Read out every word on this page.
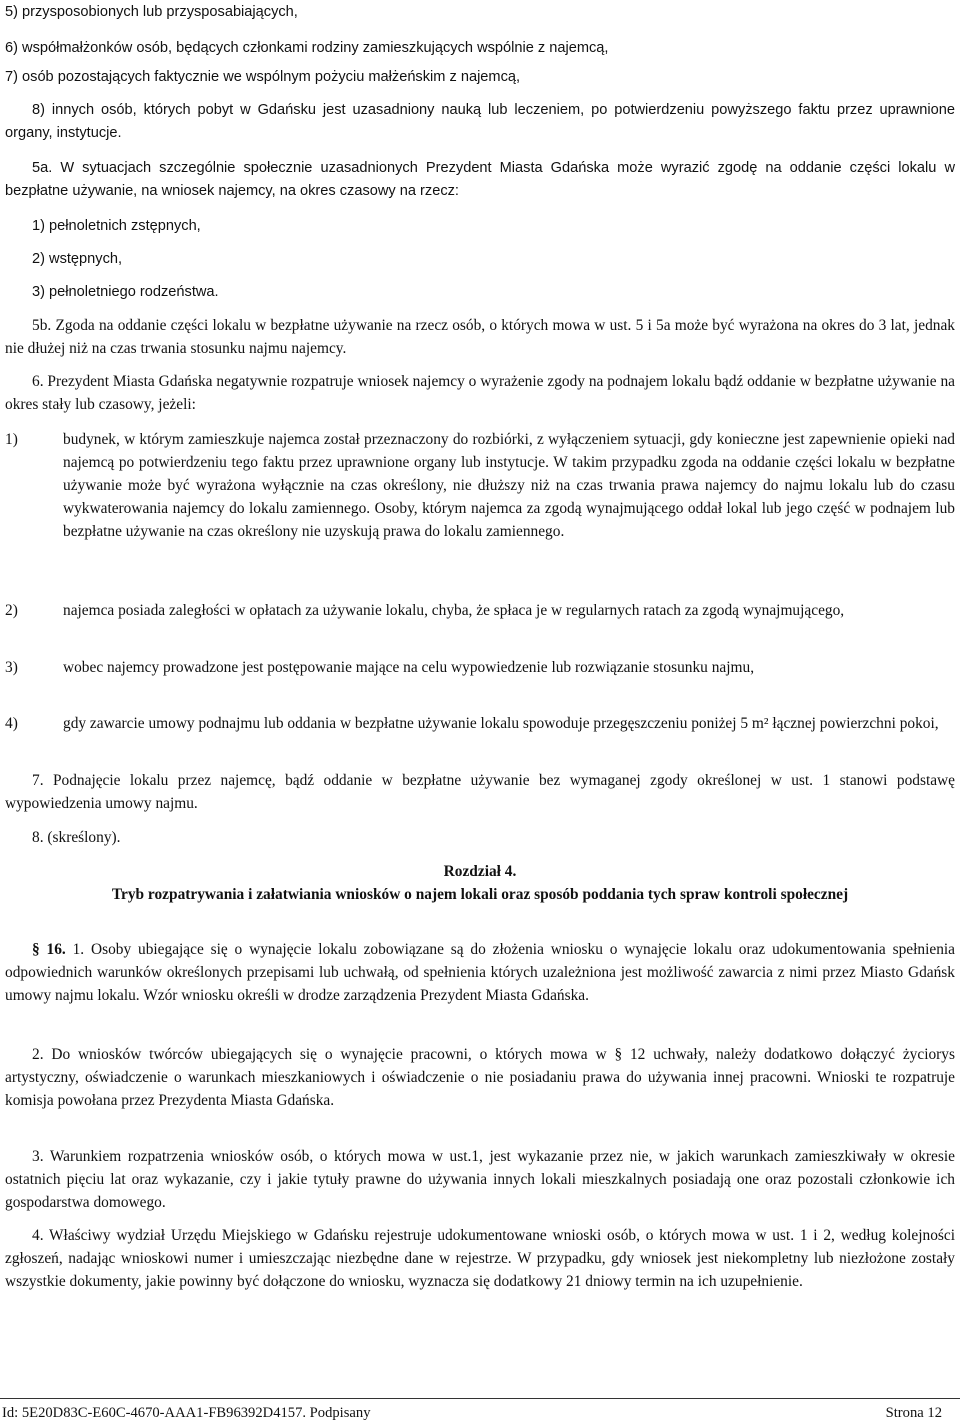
5) przysposobionych lub przysposabiających,
6) współmałżonków osób, będących członkami rodziny zamieszkujących wspólnie z najemcą,
7) osób pozostających faktycznie we wspólnym pożyciu małżeńskim z najemcą,
8) innych osób, których pobyt w Gdańsku jest uzasadniony nauką lub leczeniem, po potwierdzeniu powyższego faktu przez uprawnione organy, instytucje.
5a. W sytuacjach szczególnie społecznie uzasadnionych Prezydent Miasta Gdańska może wyrazić zgodę na oddanie części lokalu w bezpłatne używanie, na wniosek najemcy, na okres czasowy na rzecz:
1) pełnoletnich zstępnych,
2) wstępnych,
3) pełnoletniego rodzeństwa.
5b. Zgoda na oddanie części lokalu w bezpłatne używanie na rzecz osób, o których mowa w ust. 5 i 5a może być wyrażona na okres do 3 lat, jednak nie dłużej niż na czas trwania stosunku najmu najemcy.
6. Prezydent Miasta Gdańska negatywnie rozpatruje wniosek najemcy o wyrażenie zgody na podnajem lokalu bądź oddanie w bezpłatne używanie na okres stały lub czasowy, jeżeli:
1)	budynek, w którym zamieszkuje najemca został przeznaczony do rozbiórki, z wyłączeniem sytuacji, gdy konieczne jest zapewnienie opieki nad najemcą po potwierdzeniu tego faktu przez uprawnione organy lub instytucje. W takim przypadku zgoda na oddanie części lokalu w bezpłatne używanie może być wyrażona wyłącznie na czas określony, nie dłuższy niż na czas trwania prawa najemcy do najmu lokalu lub do czasu wykwaterowania najemcy do lokalu zamiennego. Osoby, którym najemca za zgodą wynajmującego oddał lokal lub jego część w podnajem lub bezpłatne używanie na czas określony nie uzyskują prawa do lokalu zamiennego.
2)	najemca posiada zaległości w opłatach za używanie lokalu, chyba, że spłaca je w regularnych ratach za zgodą wynajmującego,
3)	wobec najemcy prowadzone jest postępowanie mające na celu wypowiedzenie lub rozwiązanie stosunku najmu,
4)	gdy zawarcie umowy podnajmu lub oddania w bezpłatne używanie lokalu spowoduje przegęszczeniu poniżej 5 m² łącznej powierzchni pokoi,
7. Podnajęcie lokalu przez najemcę, bądź oddanie w bezpłatne używanie bez wymaganej zgody określonej w ust. 1 stanowi podstawę wypowiedzenia umowy najmu.
8. (skreślony).
Rozdział 4.
Tryb rozpatrywania i załatwiania wniosków o najem lokali oraz sposób poddania tych spraw kontroli społecznej
§ 16. 1. Osoby ubiegające się o wynajęcie lokalu zobowiązane są do złożenia wniosku o wynajęcie lokalu oraz udokumentowania spełnienia odpowiednich warunków określonych przepisami lub uchwałą, od spełnienia których uzależniona jest możliwość zawarcia z nimi przez Miasto Gdańsk umowy najmu lokalu. Wzór wniosku określi w drodze zarządzenia Prezydent Miasta Gdańska.
2. Do wniosków twórców ubiegających się o wynajęcie pracowni, o których mowa w § 12 uchwały, należy dodatkowo dołączyć życiorys artystyczny, oświadczenie o warunkach mieszkaniowych i oświadczenie o nie posiadaniu prawa do używania innej pracowni. Wnioski te rozpatruje komisja powołana przez Prezydenta Miasta Gdańska.
3. Warunkiem rozpatrzenia wniosków osób, o których mowa w ust.1, jest wykazanie przez nie, w jakich warunkach zamieszkiwały w okresie ostatnich pięciu lat oraz wykazanie, czy i jakie tytuły prawne do używania innych lokali mieszkalnych posiadają one oraz pozostali członkowie ich gospodarstwa domowego.
4. Właściwy wydział Urzędu Miejskiego w Gdańsku rejestruje udokumentowane wnioski osób, o których mowa w ust. 1 i 2, według kolejności zgłoszeń, nadając wnioskowi numer i umieszczając niezbędne dane w rejestrze. W przypadku, gdy wniosek jest niekompletny lub niezłożone zostały wszystkie dokumenty, jakie powinny być dołączone do wniosku, wyznacza się dodatkowy 21 dniowy termin na ich uzupełnienie.
Id: 5E20D83C-E60C-4670-AAA1-FB96392D4157. Podpisany	Strona 12
